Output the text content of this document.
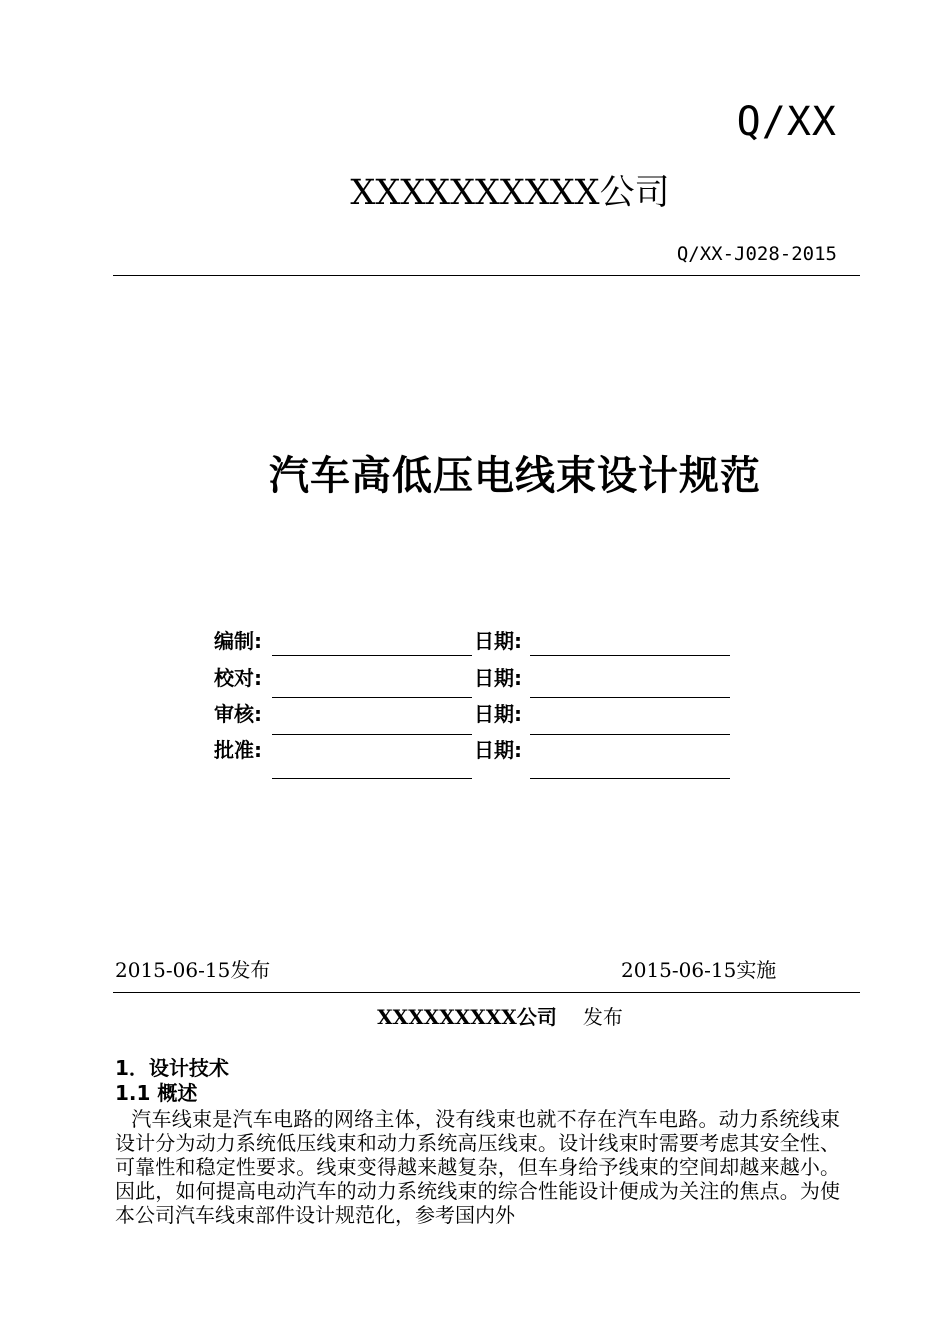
Q/XX
XXXXXXXXXX公司
Q/XX-J028-2015
汽车高低压电线束设计规范
编制:	日期:
校对:	日期:
审核:	日期:
批准:	日期:
2015-06-15发布	2015-06-15实施
XXXXXXXXX公司 发布
1．设计技术
1.1 概述
汽车线束是汽车电路的网络主体，没有线束也就不存在汽车电路。动力系统线束设计分为动力系统低压线束和动力系统高压线束。设计线束时需要考虑其安全性、可靠性和稳定性要求。线束变得越来越复杂，但车身给予线束的空间却越来越小。因此，如何提高电动汽车的动力系统线束的综合性能设计便成为关注的焦点。为使本公司汽车线束部件设计规范化，参考国内外
